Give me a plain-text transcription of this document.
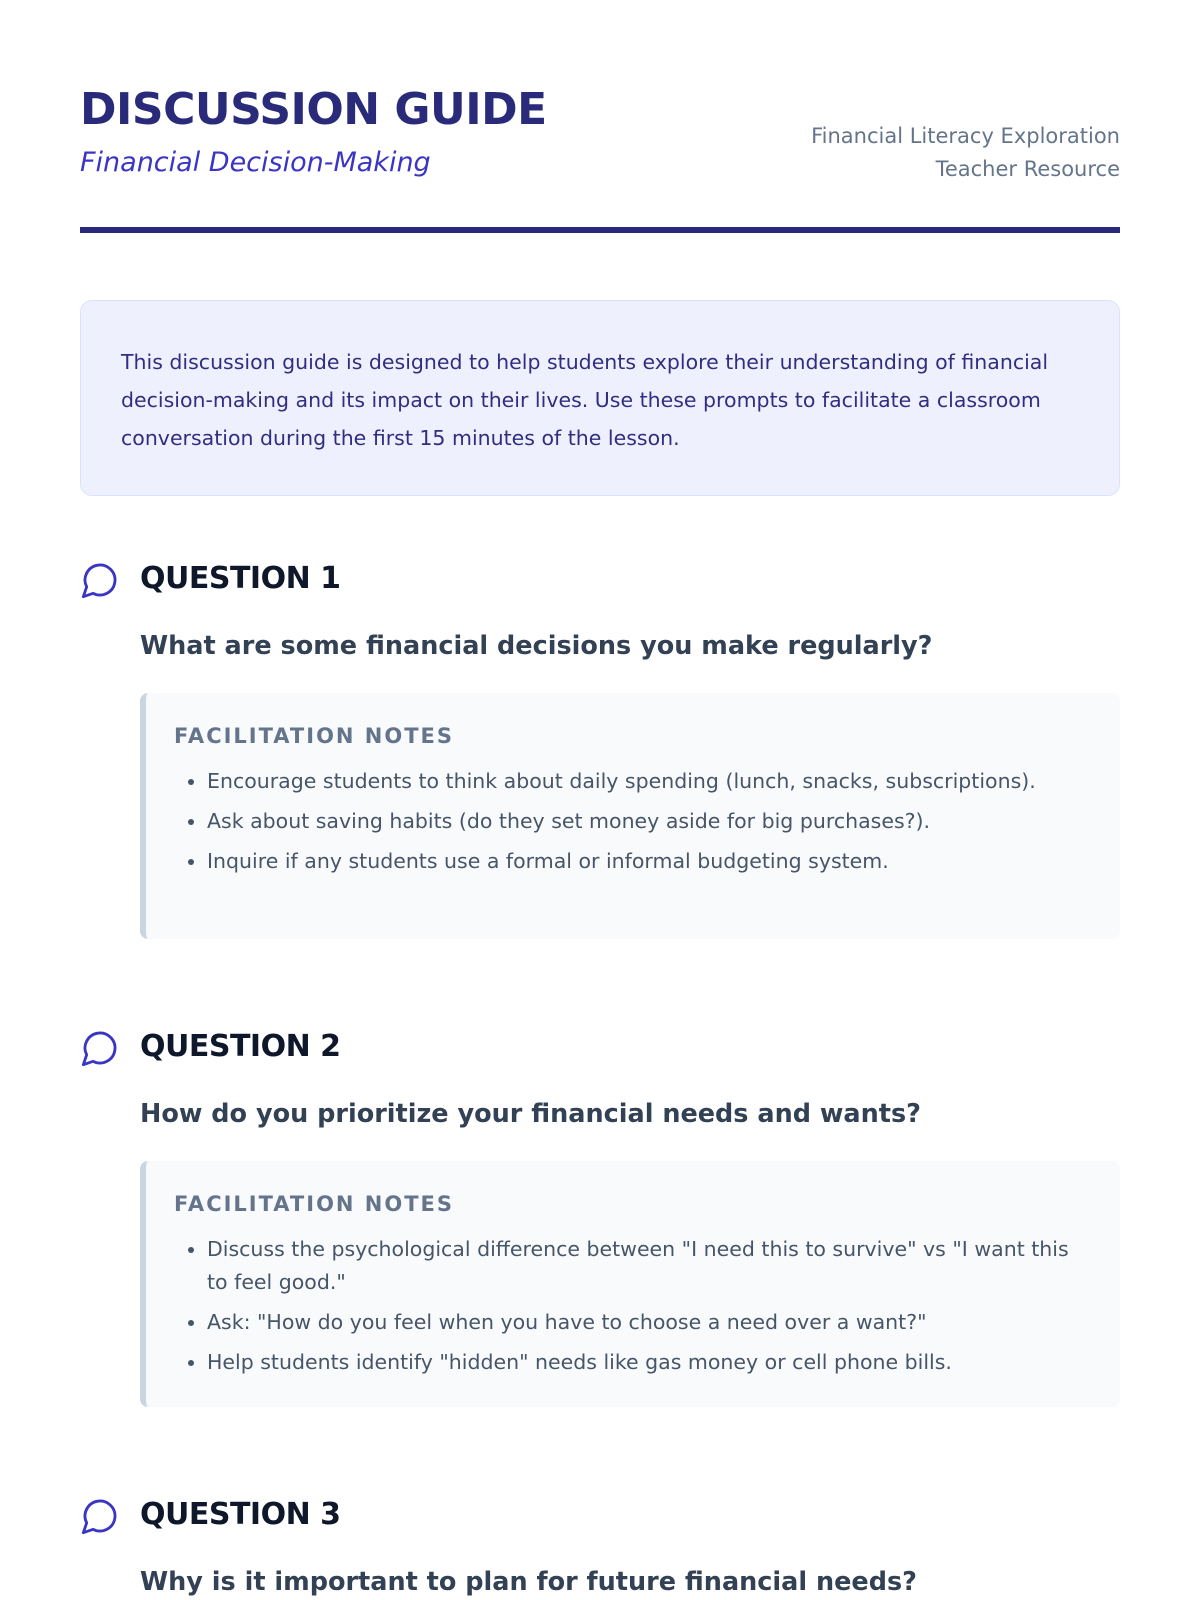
DISCUSSION GUIDE
Financial Decision-Making
Financial Literacy Exploration
Teacher Resource

This discussion guide is designed to help students explore their understanding of financial decision-making and its impact on their lives. Use these prompts to facilitate a classroom conversation during the first 15 minutes of the lesson.

QUESTION 1

What are some financial decisions you make regularly?

FACILITATION NOTES
• Encourage students to think about daily spending (lunch, snacks, subscriptions).
• Ask about saving habits (do they set money aside for big purchases?).
• Inquire if any students use a formal or informal budgeting system.
QUESTION 2

How do you prioritize your financial needs and wants?

FACILITATION NOTES
• Discuss the psychological difference between "I need this to survive" vs "I want this to feel good."
• Ask: "How do you feel when you have to choose a need over a want?"
• Help students identify "hidden" needs like gas money or cell phone bills.
QUESTION 3

Why is it important to plan for future financial needs?
